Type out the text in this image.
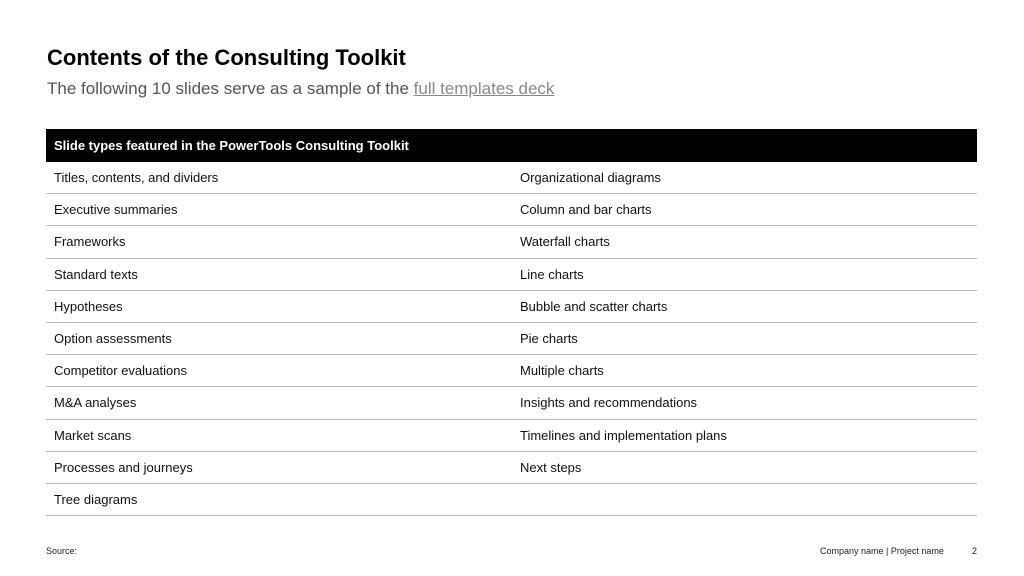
Contents of the Consulting Toolkit
The following 10 slides serve as a sample of the full templates deck
Slide types featured in the PowerTools Consulting Toolkit
Titles, contents, and dividers	Organizational diagrams
Executive summaries	Column and bar charts
Frameworks	Waterfall charts
Standard texts	Line charts
Hypotheses	Bubble and scatter charts
Option assessments	Pie charts
Competitor evaluations	Multiple charts
M&A analyses	Insights and recommendations
Market scans	Timelines and implementation plans
Processes and journeys	Next steps
Tree diagrams
Source:	Company name | Project name	2
